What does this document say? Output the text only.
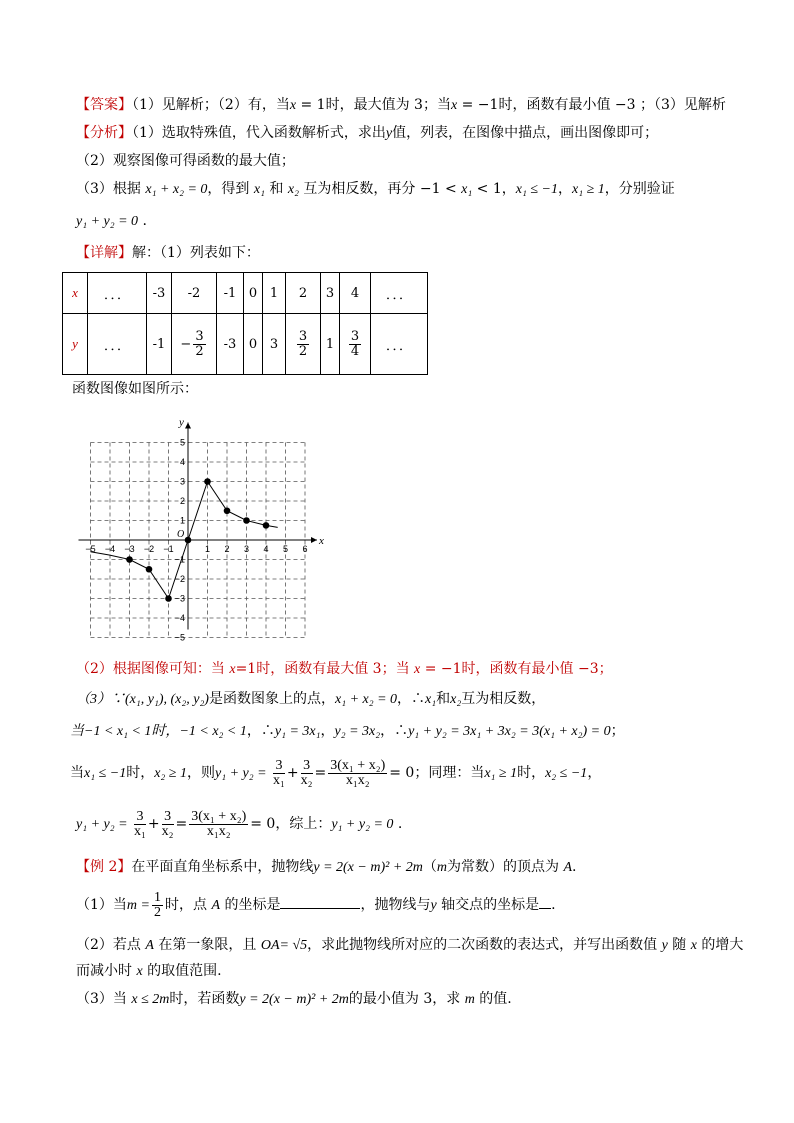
【答案】（1）见解析；（2）有，当x = 1时，最大值为 3；当x = −1时，函数有最小值 −3 ；（3）见解析
【分析】（1）选取特殊值，代入函数解析式，求出y值，列表，在图像中描点，画出图像即可；
（2）观察图像可得函数的最大值；
（3）根据 x₁ + x₂ = 0，得到 x₁ 和 x₂ 互为相反数，再分 −1 < x₁ < 1，x₁ ≤ −1，x₁ ≥ 1，分别验证
y₁ + y₂ = 0 .
【详解】解：（1）列表如下：
x	．．．	-3	-2	-1	0	1	2	3	4	．．．
y	．．．	-1	− $\frac{3}{2}$	-3	0	3	$\frac{3}{2}$	1	$\frac{3}{4}$	．．．
函数图像如图所示：
x
y
O
−5 −4 −3 −2 −1	1 2 3 4 5 6
5
4
3
2
1
−1
−2
−3
−4
−5
（2）根据图像可知：当 x=1时，函数有最大值 3；当 x = −1时，函数有最小值 −3；
（3）∵(x₁, y₁), (x₂, y₂)是函数图象上的点，x₁ + x₂ = 0，∴x₁和x₂互为相反数，
当−1 < x₁ < 1时，−1 < x₂ < 1，∴y₁ = 3x₁，y₂ = 3x₂，∴y₁ + y₂ = 3x₁ + 3x₂ = 3(x₁ + x₂) = 0；
当x₁ ≤ −1时，x₂ ≥ 1，则$y_1 + y_2 = \frac{3}{\text{x₁}} + \frac{3}{\text{x₂}} = \frac{\text{3(x₁ + x₂)}}{\text{x₁x₂}} = 0$；同理：当x₁ ≥ 1时，x₂ ≤ −1，
$y_1 + y_2 = \frac{3}{\text{x₁}} + \frac{3}{\text{x₂}} = \frac{\text{3(x₁ + x₂)}}{\text{x₁x₂}} = 0$，综上：y₁ + y₂ = 0 .
【例 2】在平面直角坐标系中，抛物线y = 2(x − m)² + 2m（m为常数）的顶点为 A.
（1）当$m = \frac{1}{2}$ 时，点 A 的坐标是	，抛物线与y 轴交点的坐标是 .
（2）若点 A 在第一象限，且 OA= √5，求此抛物线所对应的二次函数的表达式，并写出函数值 y 随 x 的增大
而减小时 x 的取值范围.
（3）当 x ≤ 2m时，若函数y = 2(x − m)² + 2m的最小值为 3，求 m 的值.
